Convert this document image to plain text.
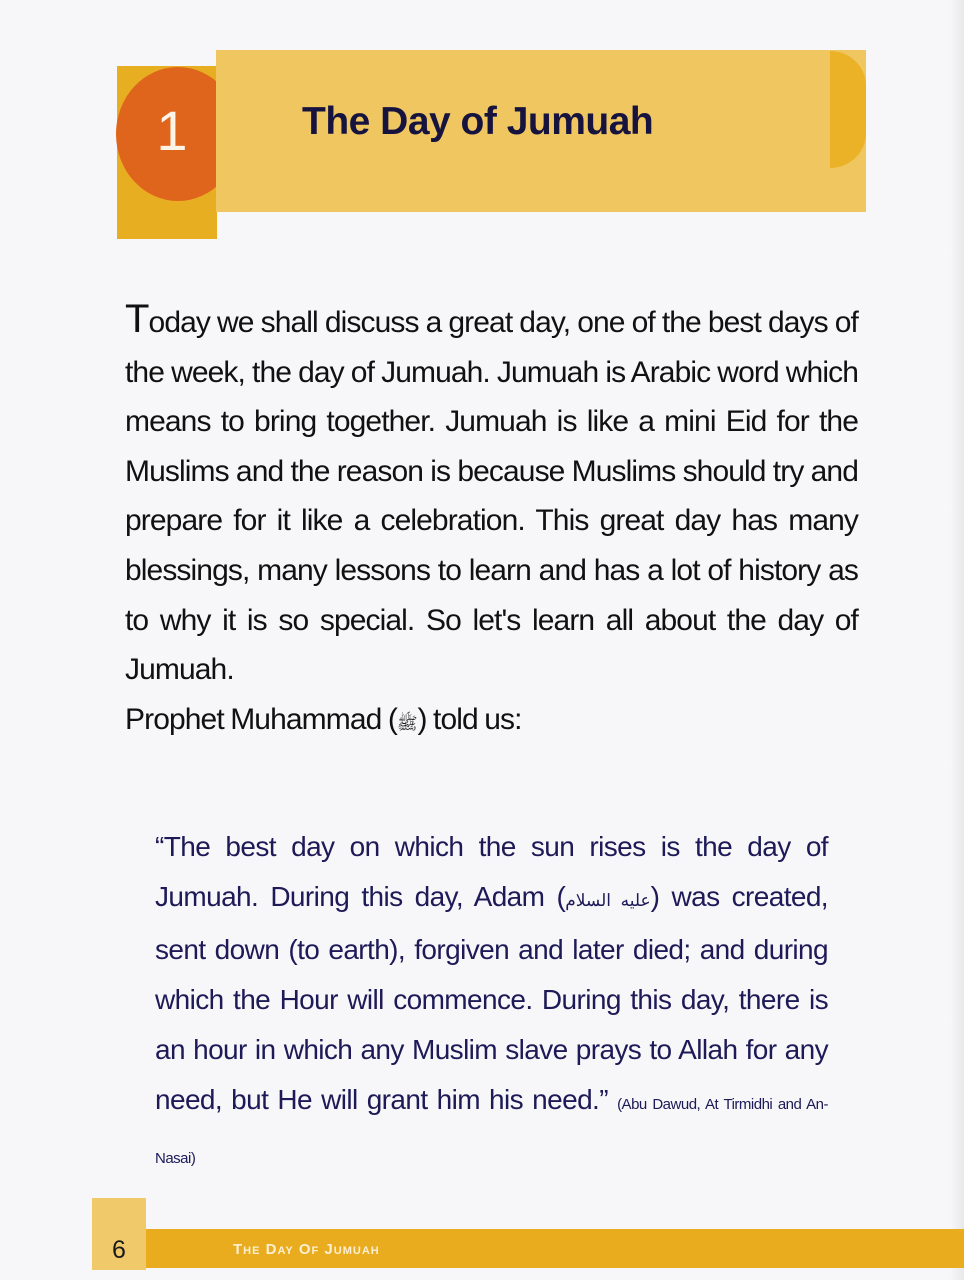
1	The Day of Jumuah
Today we shall discuss a great day, one of the best days of the week, the day of Jumuah. Jumuah is Arabic word which means to bring together. Jumuah is like a mini Eid for the Muslims and the reason is because Muslims should try and prepare for it like a celebration. This great day has many blessings, many lessons to learn and has a lot of history as to why it is so special. So let's learn all about the day of Jumuah.
Prophet Muhammad (ﷺ) told us:
“The best day on which the sun rises is the day of Jumuah. During this day, Adam (عليه السلام) was created, sent down (to earth), forgiven and later died; and during which the Hour will commence. During this day, there is an hour in which any Muslim slave prays to Allah for any need, but He will grant him his need.” (Abu Dawud, At Tirmidhi and An-Nasai)
6	The Day Of Jumuah
